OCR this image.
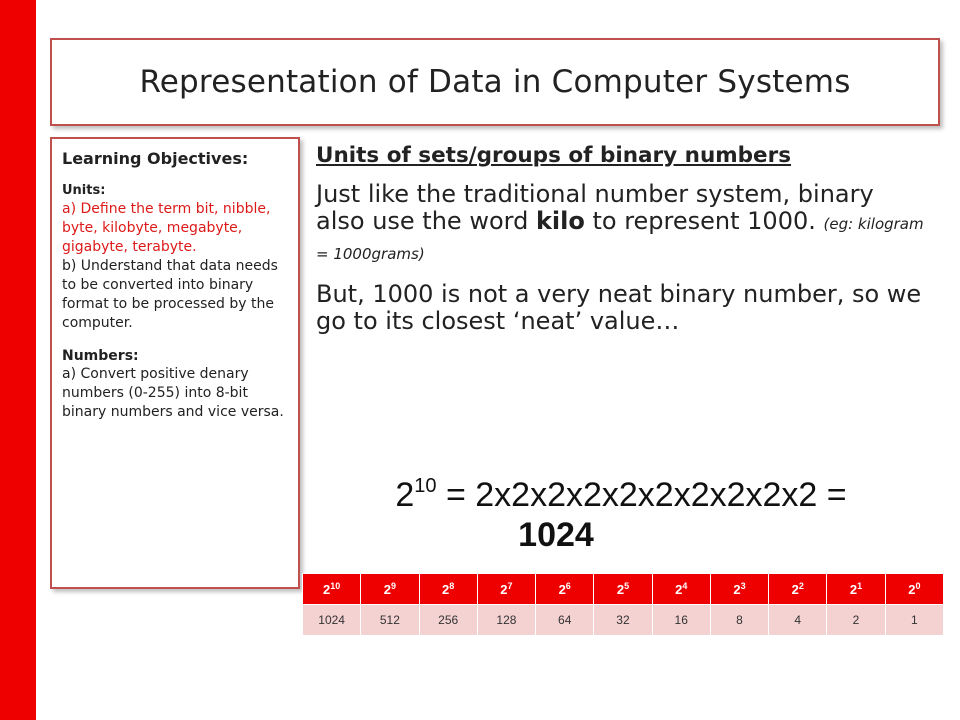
Representation of Data in Computer Systems
Learning Objectives:
Units:
a) Define the term bit, nibble, byte, kilobyte, megabyte, gigabyte, terabyte.
b) Understand that data needs to be converted into binary format to be processed by the computer.
Numbers:
a) Convert positive denary numbers (0-255) into 8-bit binary numbers and vice versa.

Units of sets/groups of binary numbers

Just like the traditional number system, binary also use the word kilo to represent 1000. (eg: kilogram = 1000grams)
But, 1000 is not a very neat binary number, so we go to its closest ‘neat’ value…
$2^{10} = 2x2x2x2x2x2x2x2x2x2$ =
1024
$2^{10}$	$2^9$	$2^8$	$2^7$	$2^6$	$2^5$	$2^4$	$2^3$	$2^2$	$2^1$	$2^0$
1024	512	256	128	64	32	16	8	4	2	1
